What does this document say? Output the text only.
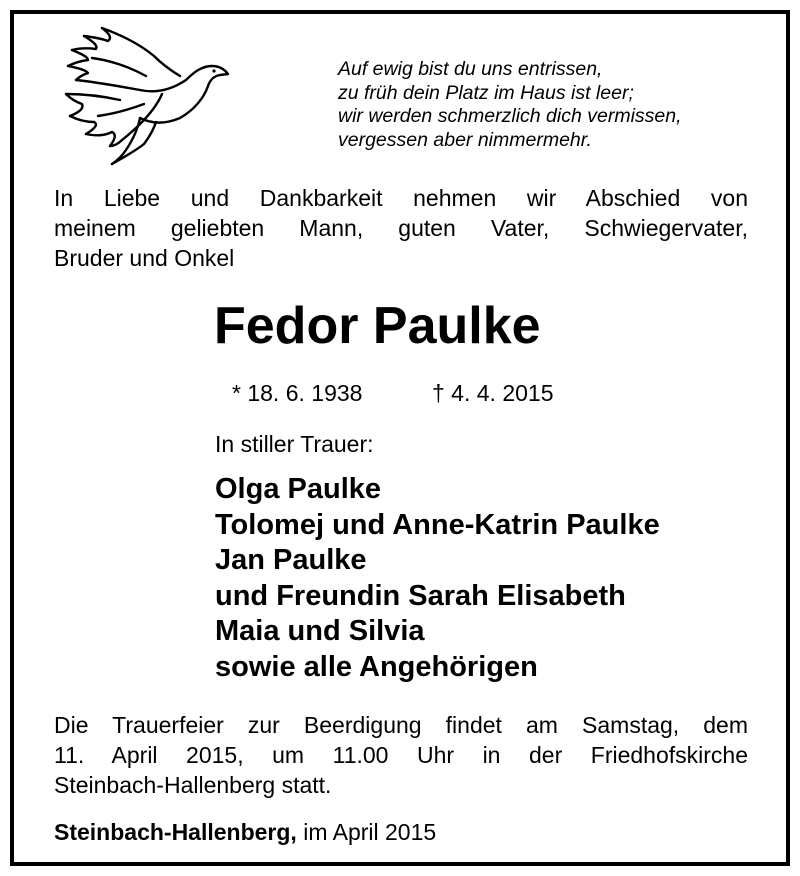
Auf ewig bist du uns entrissen,
zu früh dein Platz im Haus ist leer;
wir werden schmerzlich dich vermissen,
vergessen aber nimmermehr.
In Liebe und Dankbarkeit nehmen wir Abschied von
meinem geliebten Mann, guten Vater, Schwiegervater,
Bruder und Onkel
Fedor Paulke
* 18. 6. 1938	† 4. 4. 2015
In stiller Trauer:
Olga Paulke
Tolomej und Anne-Katrin Paulke
Jan Paulke
und Freundin Sarah Elisabeth
Maia und Silvia
sowie alle Angehörigen
Die Trauerfeier zur Beerdigung findet am Samstag, dem
11. April 2015, um 11.00 Uhr in der Friedhofskirche
Steinbach-Hallenberg statt.
Steinbach-Hallenberg, im April 2015
